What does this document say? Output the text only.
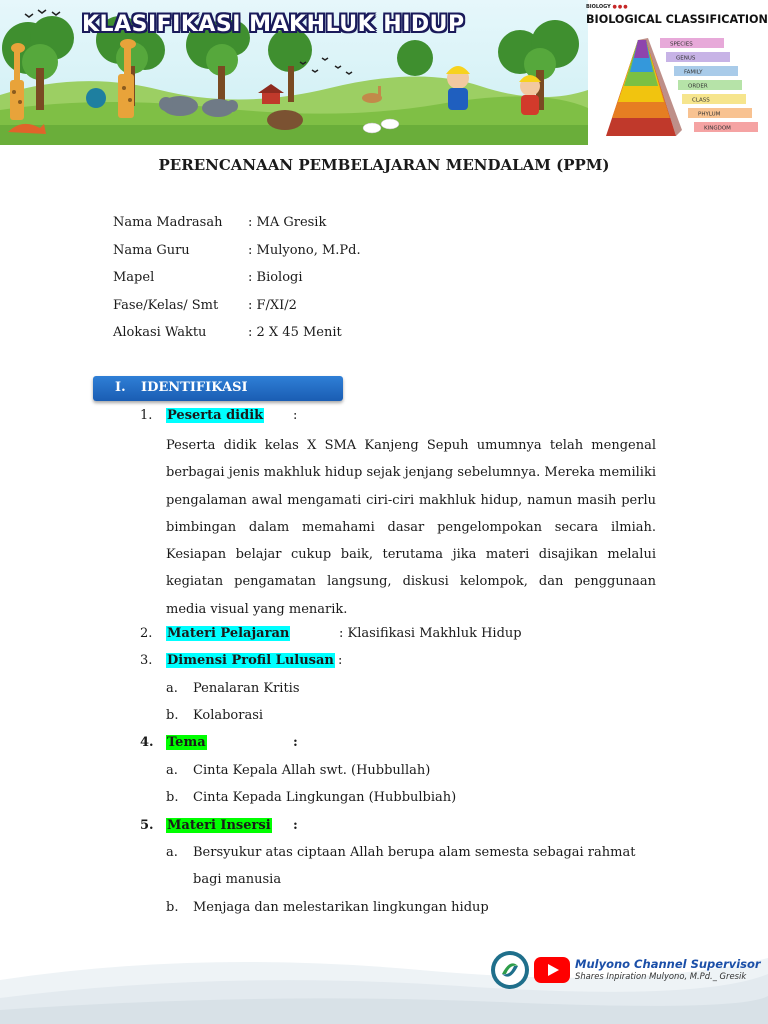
BIOLOGY ●●●
BIOLOGICAL CLASSIFICATION
SPECIES
GENUS
FAMILY
ORDER
CLASS
PHYLUM
KINGDOM
KLASIFIKASI MAKHLUK HIDUP
PERENCANAAN PEMBELAJARAN MENDALAM (PPM)
Nama Madrasah : MA Gresik
Nama Guru	: Mulyono, M.Pd.
Mapel	: Biologi
Fase/Kelas/ Smt : F/XI/2
Alokasi Waktu	: 2 X 45 Menit
I. IDENTIFIKASI
1. Peserta didik :
Peserta didik kelas X SMA Kanjeng Sepuh umumnya telah mengenal berbagai jenis makhluk hidup sejak jenjang sebelumnya. Mereka memiliki pengalaman awal mengamati ciri-ciri makhluk hidup, namun masih perlu bimbingan dalam memahami dasar pengelompokan secara ilmiah. Kesiapan belajar cukup baik, terutama jika materi disajikan melalui kegiatan pengamatan langsung, diskusi kelompok, dan penggunaan media visual yang menarik.
2. Materi Pelajaran	: Klasifikasi Makhluk Hidup
3. Dimensi Profil Lulusan :
a. Penalaran Kritis
b. Kolaborasi
4. Tema	:
a. Cinta Kepala Allah swt. (Hubbullah)
b. Cinta Kepada Lingkungan (Hubbulbiah)
5. Materi Insersi :
a. Bersyukur atas ciptaan Allah berupa alam semesta sebagai rahmat bagi manusia
b. Menjaga dan melestarikan lingkungan hidup
Mulyono Channel Supervisor
Shares Inpiration Mulyono, M.Pd._ Gresik
